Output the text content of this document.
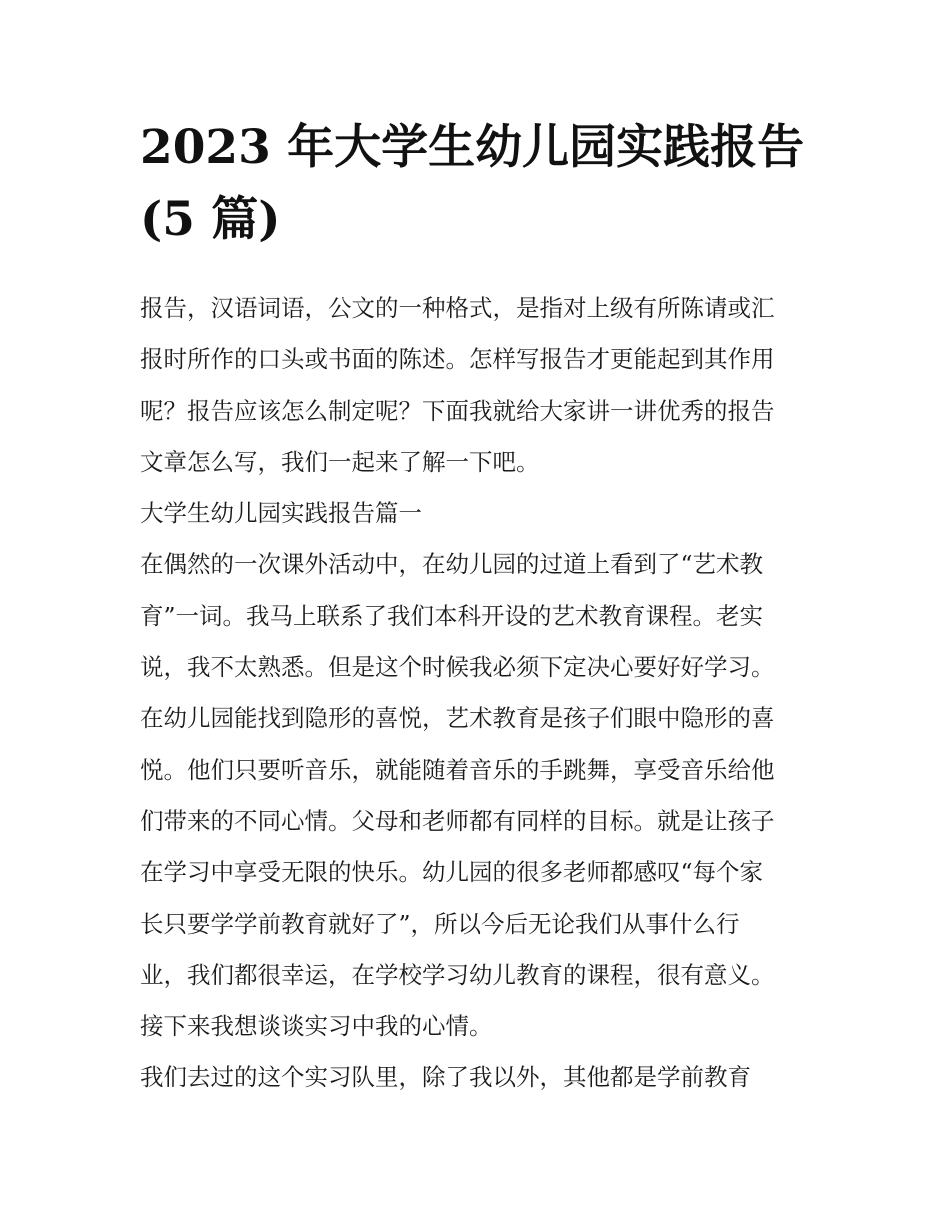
2023 年大学生幼儿园实践报告
(5 篇)
报告，汉语词语，公文的一种格式，是指对上级有所陈请或汇
报时所作的口头或书面的陈述。怎样写报告才更能起到其作用
呢？报告应该怎么制定呢？下面我就给大家讲一讲优秀的报告
文章怎么写，我们一起来了解一下吧。
大学生幼儿园实践报告篇一
在偶然的一次课外活动中，在幼儿园的过道上看到了“艺术教
育”一词。我马上联系了我们本科开设的艺术教育课程。老实
说，我不太熟悉。但是这个时候我必须下定决心要好好学习。
在幼儿园能找到隐形的喜悦，艺术教育是孩子们眼中隐形的喜
悦。他们只要听音乐，就能随着音乐的手跳舞，享受音乐给他
们带来的不同心情。父母和老师都有同样的目标。就是让孩子
在学习中享受无限的快乐。幼儿园的很多老师都感叹“每个家
长只要学学前教育就好了”，所以今后无论我们从事什么行
业，我们都很幸运，在学校学习幼儿教育的课程，很有意义。
接下来我想谈谈实习中我的心情。
我们去过的这个实习队里，除了我以外，其他都是学前教育
